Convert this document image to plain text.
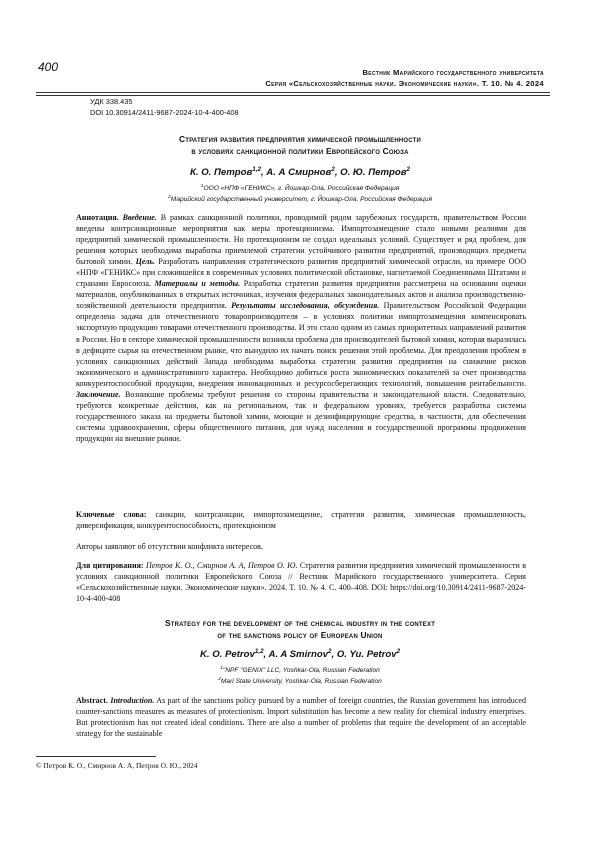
400	Вестник Марийского государственного университета
Серия «Сельскохозяйственные науки. Экономические науки». Т. 10. № 4. 2024
УДК 338.435
DOI 10.30914/2411-9687-2024-10-4-400-408
Стратегия развития предприятия химической промышленности
в условиях санкционной политики Европейского Союза
К. О. Петров1,2, А. А Смирнов2, О. Ю. Петров2
1ООО «НПФ «ГЕНИКС», г. Йошкар-Ола, Российская Федерация
2Марийский государственный университет, г. Йошкар-Ола, Российская Федерация
Аннотация. Введение. В рамках санкционной политики, проводимой рядом зарубежных государств, правительством России введены контрсанкционные мероприятия как меры протекционизма. Импортозамещение стало новыми реалиями для предприятий химической промышленности. Но протекционизм не создал идеальных условий. Существует и ряд проблем, для решения которых необходима выработка приемлемой стратегии устойчивого развития предприятий, производящих предметы бытовой химии. Цель. Разработать направления стратегического развития предприятий химической отрасли, на примере ООО «НПФ «ГЕНИКС» при сложившейся в современных условиях политической обстановке, нагнетаемой Соединенными Штатами и странами Евросоюза. Материалы и методы. Разработка стратегии развития предприятия рассмотрена на основании оценки материалов, опубликованных в открытых источниках, изучения федеральных законодательных актов и анализа производственно-хозяйственной деятельности предприятия. Результаты исследования, обсуждения. Правительством Российской Федерации определена задача для отечественного товаропроизводителя – в условиях политики импортозамещения компенсировать экспортную продукцию товарами отечественного производства. И это стало одним из самых приоритетных направлений развития в России. Но в секторе химической промышленности возникла проблема для производителей бытовой химии, которая выразилась в дефиците сырья на отечественном рынке, что вынудило их начать поиск решения этой проблемы. Для преодоления проблем в условиях санкционных действий Запада необходима выработка стратегии развития предприятия на снижение рисков экономического и административного характера. Необходимо добиться роста экономических показателей за счет производства конкурентоспособной продукции, внедрения инновационных и ресурсосберегающих технологий, повышения рентабельности. Заключение. Возникшие проблемы требуют решения со стороны правительства и законодательной власти. Следовательно, требуются конкретные действия, как на региональном, так и федеральном уровнях, требуется разработка системы государственного заказа на предметы бытовой химии, моющие и дезинфицирующие средства, в частности, для обеспечения системы здравоохранения, сферы общественного питания, для нужд населения и государственной программы продвижения продукции на внешние рынки.
Ключевые слова: санкции, контрсанкции, импортозамещение, стратегия развития, химическая промышленность, диверсификация, конкурентоспособность, протекционизм
Авторы заявляют об отсутствии конфликта интересов.
Для цитирования: Петров К. О., Смирнов А. А, Петров О. Ю. Стратегия развития предприятия химической промышленности в условиях санкционной политики Европейского Союза // Вестник Марийского государственного университета. Серия «Сельскохозяйственные науки. Экономические науки». 2024. Т. 10. № 4. С. 400–408. DOI: https://doi.org/10.30914/2411-9687-2024-10-4-400-408
Strategy for the development of the chemical industry in the context
of the sanctions policy of European Union
K. O. Petrov1,2, A. A Smirnov2, O. Yu. Petrov2
1"NPF "GENIX" LLC, Yoshkar-Ola, Russian Federation
2Mari State University, Yoshkar-Ola, Russian Federation
Abstract. Introduction. As part of the sanctions policy pursued by a number of foreign countries, the Russian government has introduced counter-sanctions measures as measures of protectionism. Import substitution has become a new reality for chemical industry enterprises. But protectionism has not created ideal conditions. There are also a number of problems that require the development of an acceptable strategy for the sustainable
© Петров К. О., Смирнов А. А, Петров О. Ю., 2024
